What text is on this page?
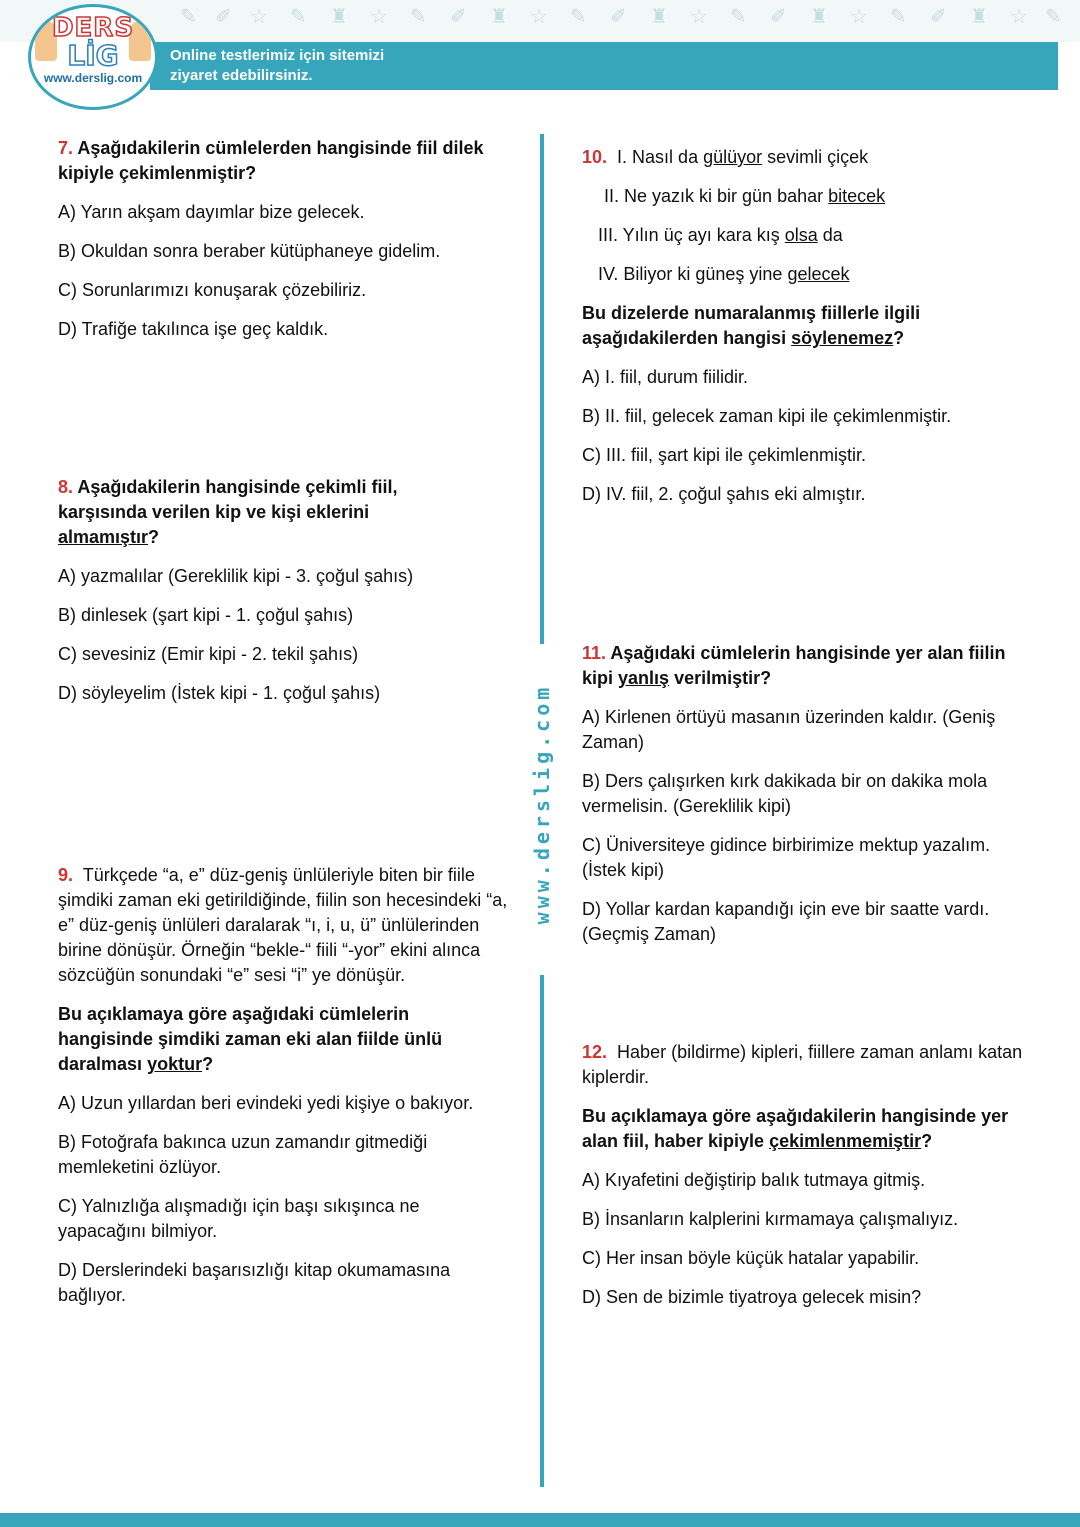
✎ ✐ ☆ ✎ ♜ ☆ ✎ ✐ ♜ ☆ ✎ ✐ ♜ ☆ ✎ ✐ ♜ ☆ ✎ ✐ ♜ ☆ ✎
Online testlerimiz için sitemizi
ziyaret edebilirsiniz.
DERS
LİG
www.derslig.com
www.derslig.com

7. Aşağıdakilerin cümlelerden hangisinde fiil dilek kipiyle çekimlenmiştir?

A) Yarın akşam dayımlar bize gelecek.

B) Okuldan sonra beraber kütüphaneye gidelim.

C) Sorunlarımızı konuşarak çözebiliriz.

D) Trafiğe takılınca işe geç kaldık.

8. Aşağıdakilerin hangisinde çekimli fiil, karşısında verilen kip ve kişi eklerini almamıştır?

A) yazmalılar (Gereklilik kipi - 3. çoğul şahıs)

B) dinlesek (şart kipi - 1. çoğul şahıs)

C) sevesiniz (Emir kipi - 2. tekil şahıs)

D) söyleyelim (İstek kipi - 1. çoğul şahıs)

9. Türkçede “a, e” düz-geniş ünlüleriyle biten bir fiile şimdiki zaman eki getirildiğinde, fiilin son hecesindeki “a, e” düz-geniş ünlüleri daralarak “ı, i, u, ü” ünlülerinden birine dönüşür. Örneğin “bekle-“ fiili “-yor” ekini alınca sözcüğün sonundaki “e” sesi “i” ye dönüşür.

Bu açıklamaya göre aşağıdaki cümlelerin hangisinde şimdiki zaman eki alan fiilde ünlü daralması yoktur?

A) Uzun yıllardan beri evindeki yedi kişiye o bakıyor.

B) Fotoğrafa bakınca uzun zamandır gitmediği memleketini özlüyor.

C) Yalnızlığa alışmadığı için başı sıkışınca ne yapacağını bilmiyor.

D) Derslerindeki başarısızlığı kitap okumamasına bağlıyor.

10. I. Nasıl da gülüyor sevimli çiçek

II. Ne yazık ki bir gün bahar bitecek

III. Yılın üç ayı kara kış olsa da

IV. Biliyor ki güneş yine gelecek

Bu dizelerde numaralanmış fiillerle ilgili aşağıdakilerden hangisi söylenemez?

A) I. fiil, durum fiilidir.

B) II. fiil, gelecek zaman kipi ile çekimlenmiştir.

C) III. fiil, şart kipi ile çekimlenmiştir.

D) IV. fiil, 2. çoğul şahıs eki almıştır.

11. Aşağıdaki cümlelerin hangisinde yer alan fiilin kipi yanlış verilmiştir?

A) Kirlenen örtüyü masanın üzerinden kaldır. (Geniş Zaman)

B) Ders çalışırken kırk dakikada bir on dakika mola vermelisin. (Gereklilik kipi)

C) Üniversiteye gidince birbirimize mektup yazalım. (İstek kipi)

D) Yollar kardan kapandığı için eve bir saatte vardı. (Geçmiş Zaman)

12. Haber (bildirme) kipleri, fiillere zaman anlamı katan kiplerdir.

Bu açıklamaya göre aşağıdakilerin hangisinde yer alan fiil, haber kipiyle çekimlenmemiştir?

A) Kıyafetini değiştirip balık tutmaya gitmiş.

B) İnsanların kalplerini kırmamaya çalışmalıyız.

C) Her insan böyle küçük hatalar yapabilir.

D) Sen de bizimle tiyatroya gelecek misin?
